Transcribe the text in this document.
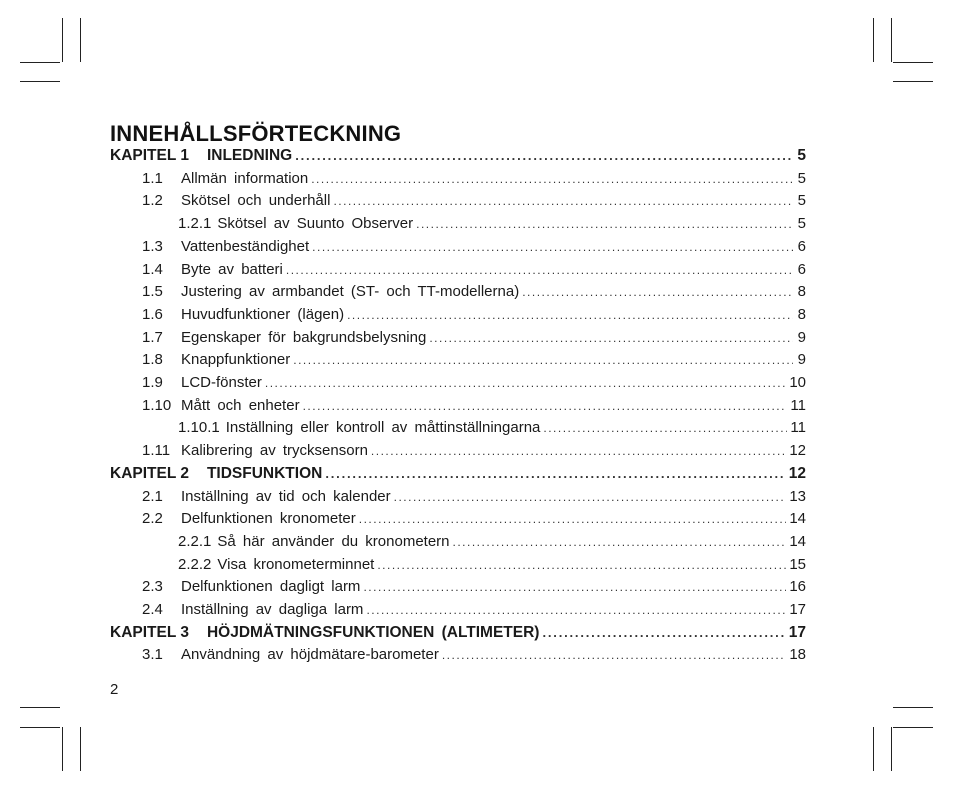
INNEHÅLLSFÖRTECKNING
KAPITEL 1 INLEDNING .....	5
1.1	Allmän information .....	5
1.2	Skötsel och underhåll .....	5
1.2.1 Skötsel av Suunto Observer .....	5
1.3	Vattenbeständighet .....	6
1.4	Byte av batteri .....	6
1.5	Justering av armbandet (ST- och TT-modellerna) .....	8
1.6	Huvudfunktioner (lägen) .....	8
1.7	Egenskaper för bakgrundsbelysning .....	9
1.8	Knappfunktioner .....	9
1.9	LCD-fönster .....	10
1.10 Mått och enheter .....	11
1.10.1 Inställning eller kontroll av måttinställningarna .....	11
1.11 Kalibrering av trycksensorn .....	12
KAPITEL 2 TIDSFUNKTION .....	12
2.1	Inställning av tid och kalender .....	13
2.2	Delfunktionen kronometer .....	14
2.2.1 Så här använder du kronometern .....	14
2.2.2 Visa kronometerminnet .....	15
2.3	Delfunktionen dagligt larm .....	16
2.4	Inställning av dagliga larm .....	17
KAPITEL 3 HÖJDMÄTNINGSFUNKTIONEN (ALTIMETER) .....	17
3.1	Användning av höjdmätare-barometer .....	18
2
